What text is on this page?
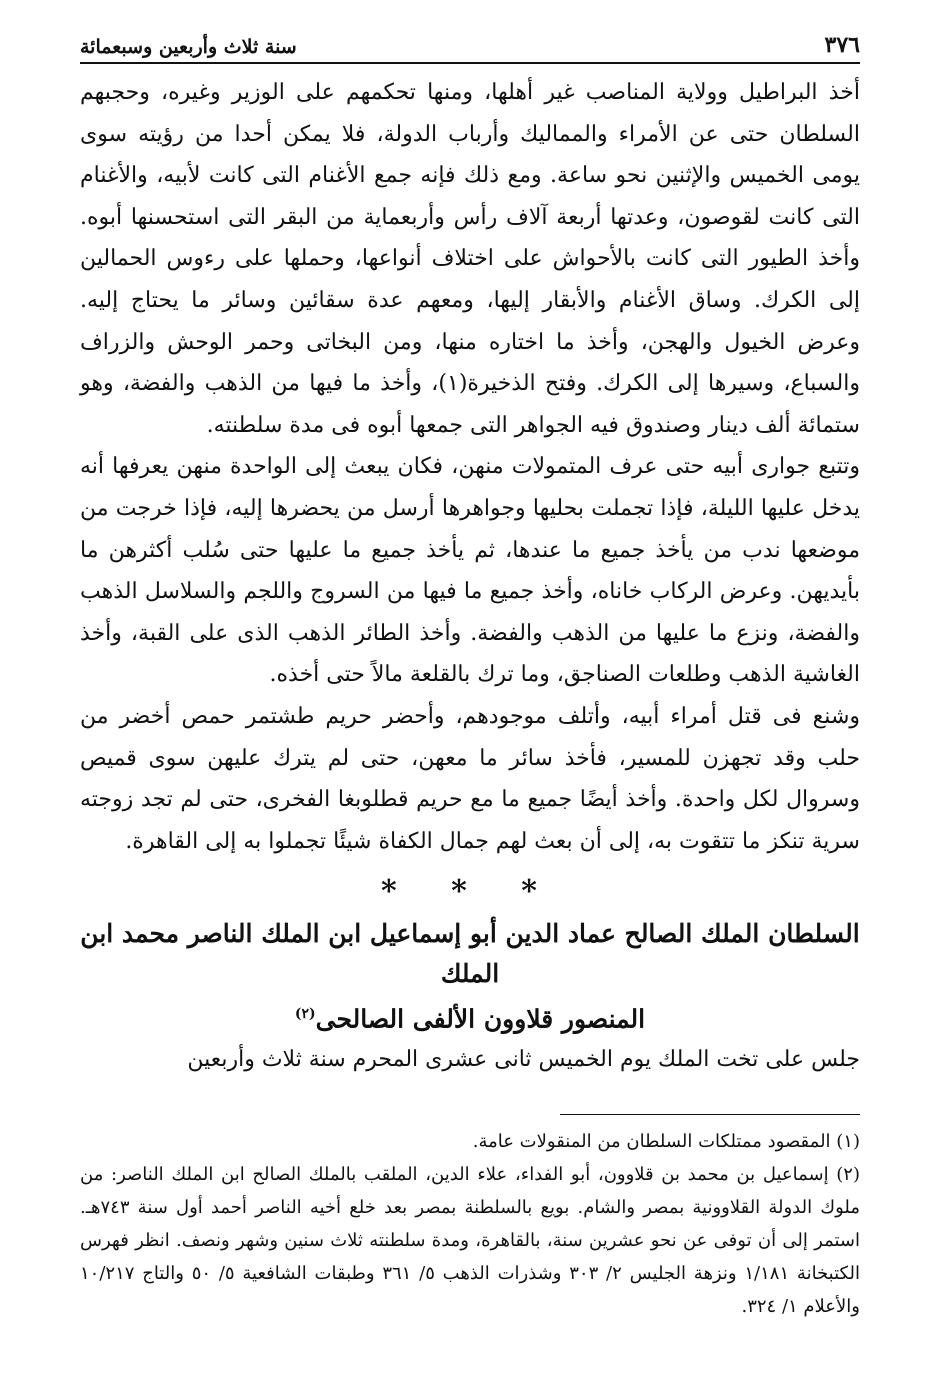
٣٧٦
سنة ثلاث وأربعين وسبعمائة

أخذ البراطيل وولاية المناصب غير أهلها، ومنها تحكمهم على الوزير وغيره، وحجبهم السلطان حتى عن الأمراء والمماليك وأرباب الدولة، فلا يمكن أحدا من رؤيته سوى يومى الخميس والإثنين نحو ساعة. ومع ذلك فإنه جمع الأغنام التى كانت لأبيه، والأغنام التى كانت لقوصون، وعدتها أربعة آلاف رأس وأربعماية من البقر التى استحسنها أبوه. وأخذ الطيور التى كانت بالأحواش على اختلاف أنواعها، وحملها على رءوس الحمالين إلى الكرك. وساق الأغنام والأبقار إليها، ومعهم عدة سقائين وسائر ما يحتاج إليه. وعرض الخيول والهجن، وأخذ ما اختاره منها، ومن البخاتى وحمر الوحش والزراف والسباع، وسيرها إلى الكرك. وفتح الذخيرة(١)، وأخذ ما فيها من الذهب والفضة، وهو ستمائة ألف دينار وصندوق فيه الجواهر التى جمعها أبوه فى مدة سلطنته.

وتتبع جوارى أبيه حتى عرف المتمولات منهن، فكان يبعث إلى الواحدة منهن يعرفها أنه يدخل عليها الليلة، فإذا تجملت بحليها وجواهرها أرسل من يحضرها إليه، فإذا خرجت من موضعها ندب من يأخذ جميع ما عندها، ثم يأخذ جميع ما عليها حتى سُلب أكثرهن ما بأيديهن. وعرض الركاب خاناه، وأخذ جميع ما فيها من السروج واللجم والسلاسل الذهب والفضة، ونزع ما عليها من الذهب والفضة. وأخذ الطائر الذهب الذى على القبة، وأخذ الغاشية الذهب وطلعات الصناجق، وما ترك بالقلعة مالاً حتى أخذه.

وشنع فى قتل أمراء أبيه، وأتلف موجودهم، وأحضر حريم طشتمر حمص أخضر من حلب وقد تجهزن للمسير، فأخذ سائر ما معهن، حتى لم يترك عليهن سوى قميص وسروال لكل واحدة. وأخذ أيضًا جميع ما مع حريم قطلوبغا الفخرى، حتى لم تجد زوجته سرية تنكز ما تتقوت به، إلى أن بعث لهم جمال الكفاة شيئًا تجملوا به إلى القاهرة.

* * *
السلطان الملك الصالح عماد الدين أبو إسماعيل ابن الملك الناصر محمد ابن الملك
المنصور قلاوون الألفى الصالحى$^{(٢)}$

جلس على تخت الملك يوم الخميس ثانى عشرى المحرم سنة ثلاث وأربعين

(١) المقصود ممتلكات السلطان من المنقولات عامة.

(٢) إسماعيل بن محمد بن قلاوون، أبو الفداء، علاء الدين، الملقب بالملك الصالح ابن الملك الناصر: من ملوك الدولة القلاوونية بمصر والشام. بويع بالسلطنة بمصر بعد خلع أخيه الناصر أحمد أول سنة ٧٤٣هـ. استمر إلى أن توفى عن نحو عشرين سنة، بالقاهرة، ومدة سلطنته ثلاث سنين وشهر ونصف. انظر فهرس الكتبخانة ١/١٨١ ونزهة الجليس ٢/ ٣٠٣ وشذرات الذهب ٥/ ٣٦١ وطبقات الشافعية ٥/ ٥٠ والتاج ١٠/٢١٧ والأعلام ١/ ٣٢٤.
